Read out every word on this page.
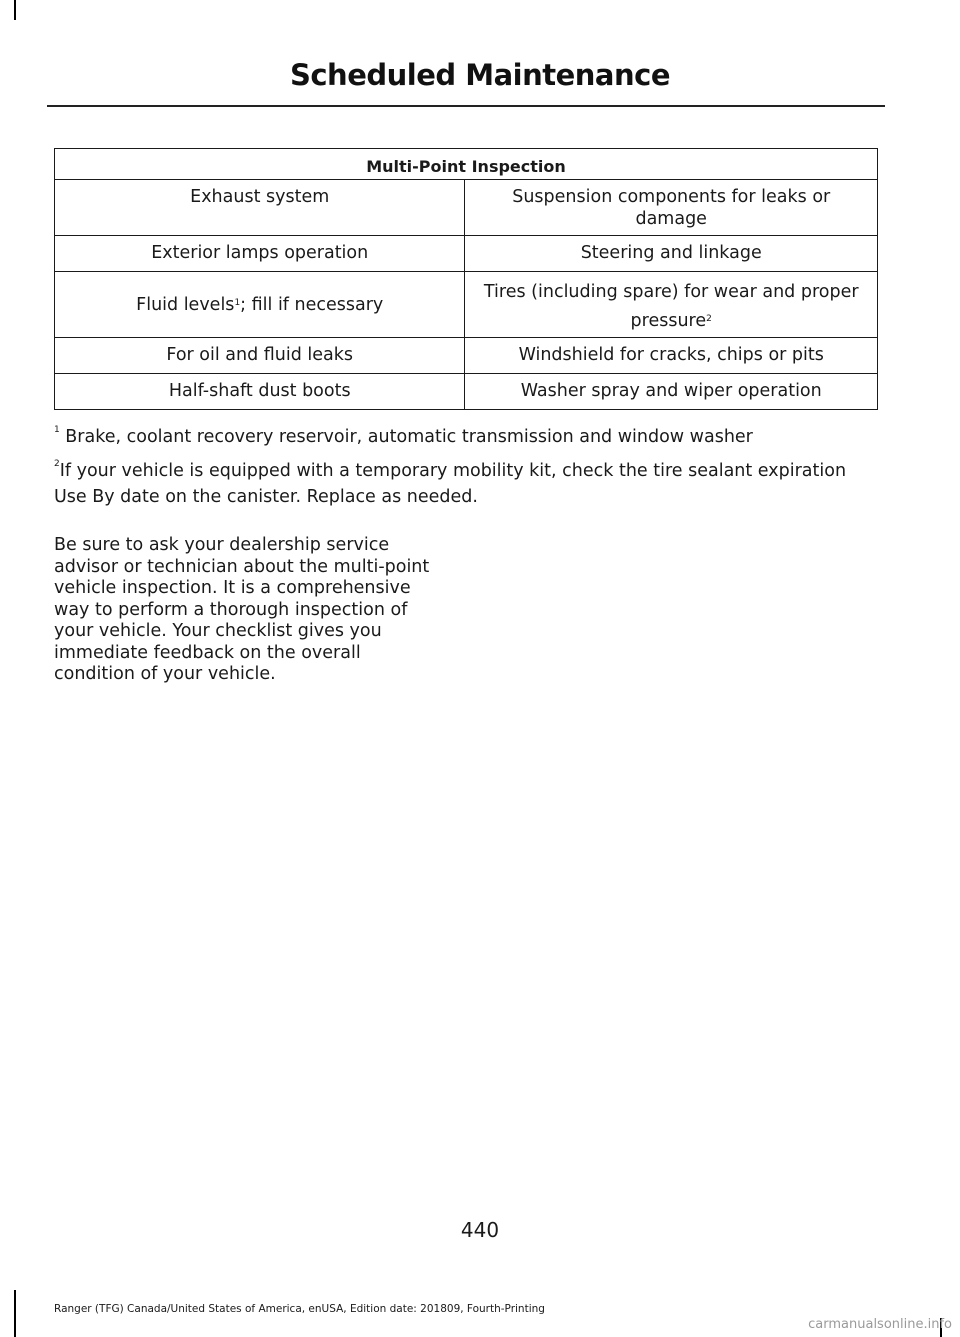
Scheduled Maintenance
Multi-Point Inspection	
Exhaust system	Suspension components for leaks or damage
Exterior lamps operation	Steering and linkage
Fluid levels$^1$; fill if necessary	Tires (including spare) for wear and proper
pressure$^2$

For oil and fluid leaks	Windshield for cracks, chips or pits
Half-shaft dust boots	Washer spray and wiper operation
$^1$ Brake, coolant recovery reservoir, automatic transmission and window washer
$^2$If your vehicle is equipped with a temporary mobility kit, check the tire sealant expiration
Use By date on the canister. Replace as needed.
Be sure to ask your dealership service
advisor or technician about the multi-point
vehicle inspection. It is a comprehensive
way to perform a thorough inspection of
your vehicle. Your checklist gives you
immediate feedback on the overall
condition of your vehicle.
440
Ranger (TFG) Canada/United States of America, enUSA, Edition date: 201809, Fourth-Printing
carmanualsonline.info
